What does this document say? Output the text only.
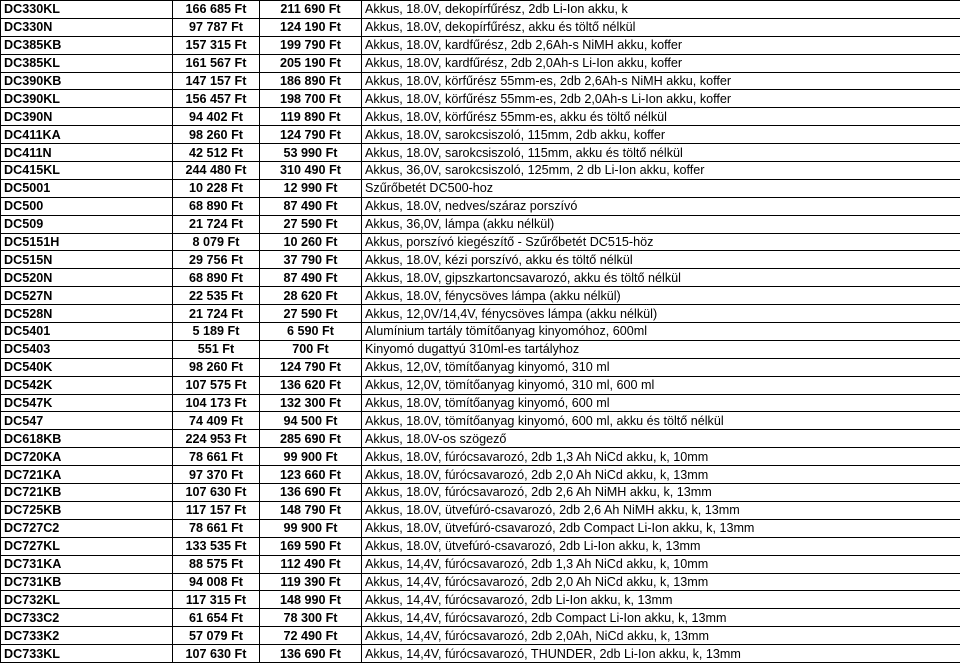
DC330KL	166 685 Ft	211 690 Ft	Akkus, 18.0V, dekopírfűrész, 2db Li-Ion akku, k
DC330N	97 787 Ft	124 190 Ft	Akkus, 18.0V, dekopírfűrész, akku és töltő nélkül
DC385KB	157 315 Ft	199 790 Ft	Akkus, 18.0V, kardfűrész, 2db 2,6Ah-s NiMH akku, koffer
DC385KL	161 567 Ft	205 190 Ft	Akkus, 18.0V, kardfűrész, 2db 2,0Ah-s Li-Ion akku, koffer
DC390KB	147 157 Ft	186 890 Ft	Akkus, 18.0V, körfűrész 55mm-es, 2db 2,6Ah-s NiMH akku, koffer
DC390KL	156 457 Ft	198 700 Ft	Akkus, 18.0V, körfűrész 55mm-es, 2db 2,0Ah-s Li-Ion akku, koffer
DC390N	94 402 Ft	119 890 Ft	Akkus, 18.0V, körfűrész 55mm-es, akku és töltő nélkül
DC411KA	98 260 Ft	124 790 Ft	Akkus, 18.0V, sarokcsiszoló, 115mm, 2db akku, koffer
DC411N	42 512 Ft	53 990 Ft	Akkus, 18.0V, sarokcsiszoló, 115mm, akku és töltő nélkül
DC415KL	244 480 Ft	310 490 Ft	Akkus, 36,0V, sarokcsiszoló, 125mm, 2 db Li-Ion akku, koffer
DC5001	10 228 Ft	12 990 Ft	Szűrőbetét DC500-hoz
DC500	68 890 Ft	87 490 Ft	Akkus, 18.0V, nedves/száraz porszívó
DC509	21 724 Ft	27 590 Ft	Akkus, 36,0V, lámpa (akku nélkül)
DC5151H	8 079 Ft	10 260 Ft	Akkus, porszívó kiegészítő - Szűrőbetét DC515-höz
DC515N	29 756 Ft	37 790 Ft	Akkus, 18.0V, kézi porszívó, akku és töltő nélkül
DC520N	68 890 Ft	87 490 Ft	Akkus, 18.0V, gipszkartoncsavarozó, akku és töltő nélkül
DC527N	22 535 Ft	28 620 Ft	Akkus, 18.0V, fénycsöves lámpa (akku nélkül)
DC528N	21 724 Ft	27 590 Ft	Akkus, 12,0V/14,4V, fénycsöves lámpa (akku nélkül)
DC5401	5 189 Ft	6 590 Ft	Alumínium tartály tömítőanyag kinyomóhoz, 600ml
DC5403	551 Ft	700 Ft	Kinyomó dugattyú 310ml-es tartályhoz
DC540K	98 260 Ft	124 790 Ft	Akkus, 12,0V, tömítőanyag kinyomó, 310 ml
DC542K	107 575 Ft	136 620 Ft	Akkus, 12,0V, tömítőanyag kinyomó, 310 ml, 600 ml
DC547K	104 173 Ft	132 300 Ft	Akkus, 18.0V, tömítőanyag kinyomó, 600 ml
DC547	74 409 Ft	94 500 Ft	Akkus, 18.0V, tömítőanyag kinyomó, 600 ml, akku és töltő nélkül
DC618KB	224 953 Ft	285 690 Ft	Akkus, 18.0V-os szögező
DC720KA	78 661 Ft	99 900 Ft	Akkus, 18.0V, fúrócsavarozó, 2db 1,3 Ah NiCd akku, k, 10mm
DC721KA	97 370 Ft	123 660 Ft	Akkus, 18.0V, fúrócsavarozó, 2db 2,0 Ah NiCd akku, k, 13mm
DC721KB	107 630 Ft	136 690 Ft	Akkus, 18.0V, fúrócsavarozó, 2db 2,6 Ah NiMH akku, k, 13mm
DC725KB	117 157 Ft	148 790 Ft	Akkus, 18.0V, ütvefúró-csavarozó, 2db 2,6 Ah NiMH akku, k, 13mm
DC727C2	78 661 Ft	99 900 Ft	Akkus, 18.0V, ütvefúró-csavarozó, 2db Compact Li-Ion akku, k, 13mm
DC727KL	133 535 Ft	169 590 Ft	Akkus, 18.0V, ütvefúró-csavarozó, 2db Li-Ion akku, k, 13mm
DC731KA	88 575 Ft	112 490 Ft	Akkus, 14,4V, fúrócsavarozó, 2db 1,3 Ah NiCd akku, k, 10mm
DC731KB	94 008 Ft	119 390 Ft	Akkus, 14,4V, fúrócsavarozó, 2db 2,0 Ah NiCd akku, k, 13mm
DC732KL	117 315 Ft	148 990 Ft	Akkus, 14,4V, fúrócsavarozó, 2db Li-Ion akku, k, 13mm
DC733C2	61 654 Ft	78 300 Ft	Akkus, 14,4V, fúrócsavarozó, 2db Compact Li-Ion akku, k, 13mm
DC733K2	57 079 Ft	72 490 Ft	Akkus, 14,4V, fúrócsavarozó, 2db 2,0Ah, NiCd akku, k, 13mm
DC733KL	107 630 Ft	136 690 Ft	Akkus, 14,4V, fúrócsavarozó, THUNDER, 2db Li-Ion akku, k, 13mm
